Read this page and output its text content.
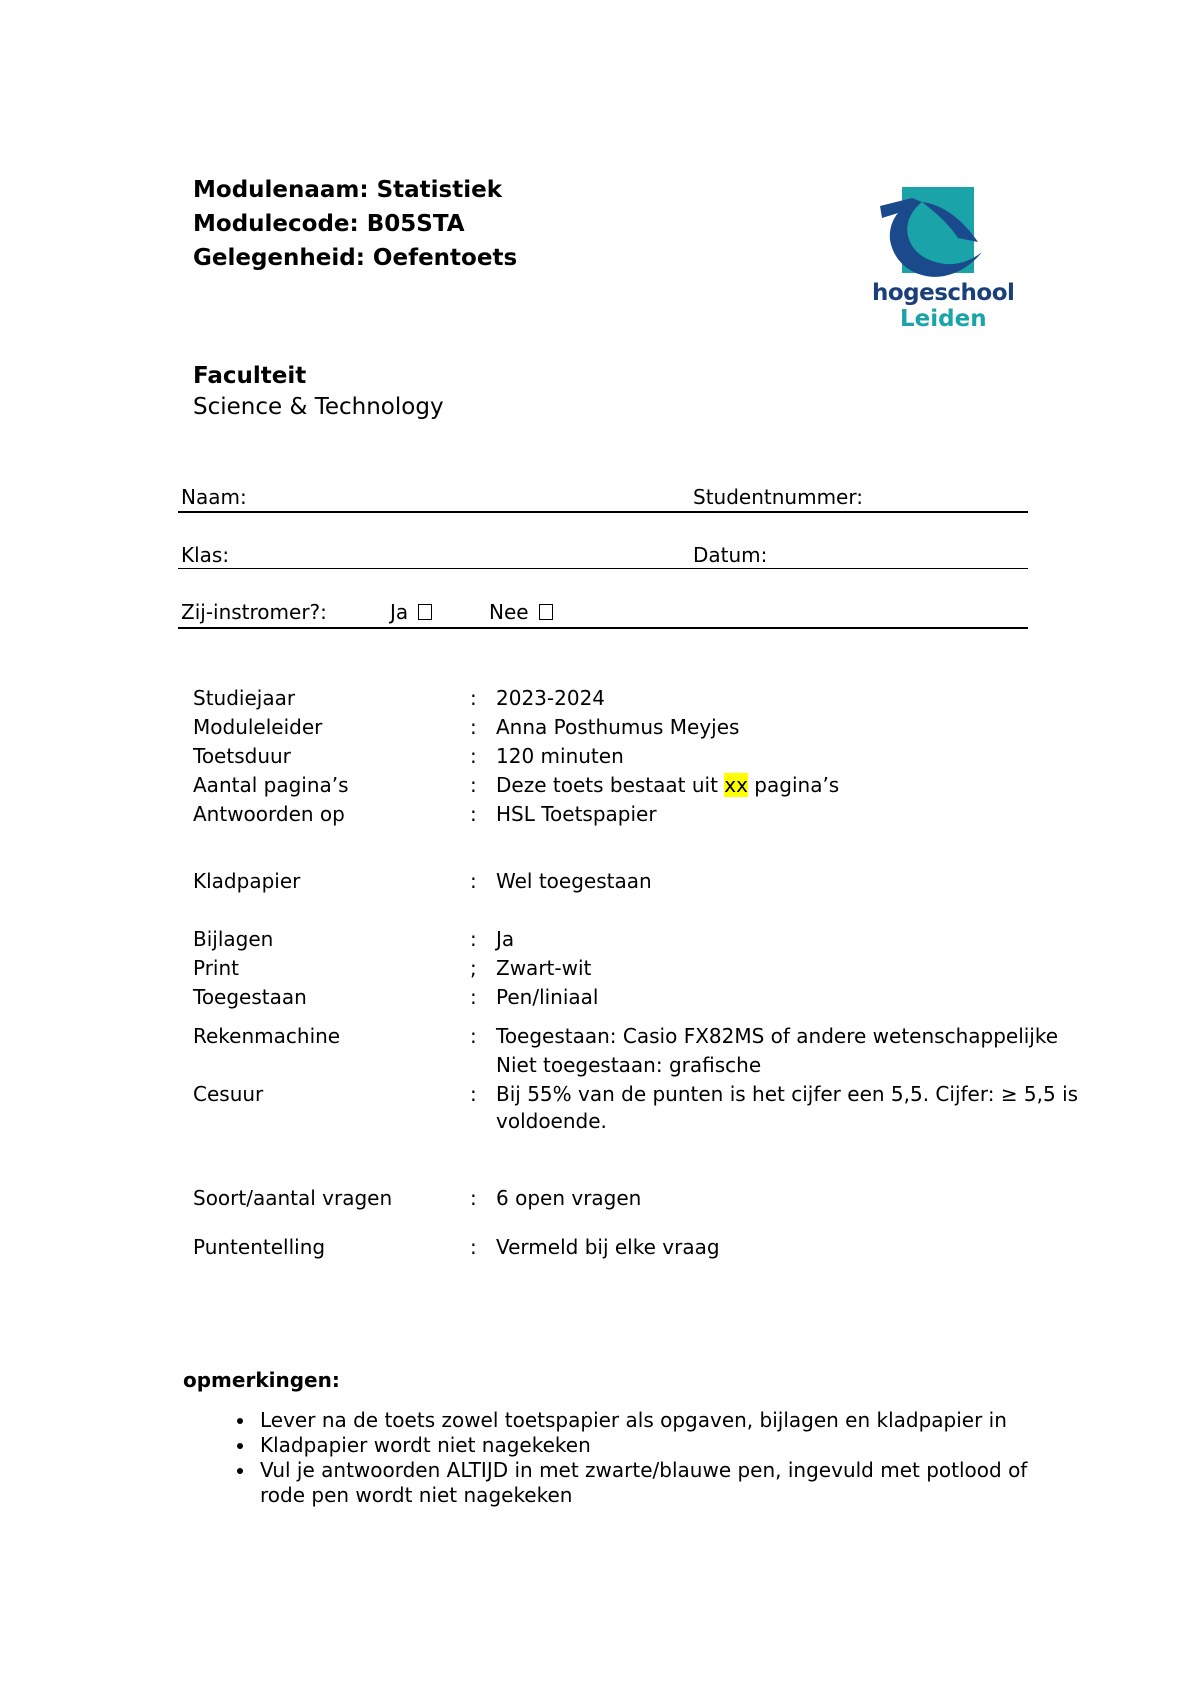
Modulenaam: Statistiek
Modulecode: B05STA
Gelegenheid: Oefentoets
hogeschool
Leiden
Faculteit
Science & Technology
Naam:	Studentnummer:
Klas:	Datum:
Zij-instromer?:	Ja	Nee
Studiejaar	: 2023-2024
Moduleleider	: Anna Posthumus Meyjes
Toetsduur	: 120 minuten
Aantal pagina’s	: Deze toets bestaat uit xx pagina’s
Antwoorden op	: HSL Toetspapier
Kladpapier	: Wel toegestaan
Bijlagen	: Ja
Print	; Zwart-wit
Toegestaan	: Pen/liniaal
Rekenmachine	: Toegestaan: Casio FX82MS of andere wetenschappelijke
Niet toegestaan: grafische
Cesuur	: Bij 55% van de punten is het cijfer een 5,5. Cijfer: ≥ 5,5 is
voldoende.
Soort/aantal vragen	: 6 open vragen
Puntentelling	: Vermeld bij elke vraag
opmerkingen:
• Lever na de toets zowel toetspapier als opgaven, bijlagen en kladpapier in
• Kladpapier wordt niet nagekeken
• Vul je antwoorden ALTIJD in met zwarte/blauwe pen, ingevuld met potlood of rode pen wordt niet nagekeken
